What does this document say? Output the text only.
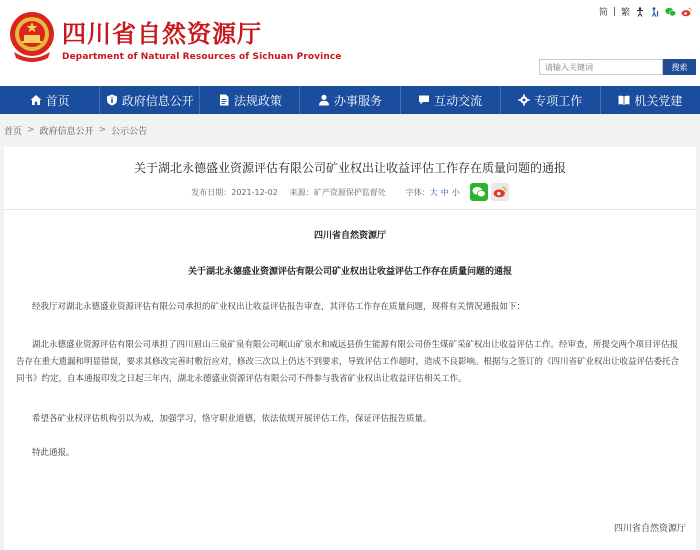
四川省自然资源厅
Department of Natural Resources of Sichuan Province
简 | 繁
请输入关键词
搜索
首页	政府信息公开	法规政策	办事服务	互动交流	专项工作	机关党建
首页 > 政府信息公开 > 公示公告
关于湖北永德盛业资源评估有限公司矿业权出让收益评估工作存在质量问题的通报
发布日期： 2021-12-02 来源： 矿产资源保护监督处	字体： 大 中 小
四川省自然资源厅
关于湖北永德盛业资源评估有限公司矿业权出让收益评估工作存在质量问题的通报

经我厅对湖北永德盛业资源评估有限公司承担的矿业权出让收益评估报告审查，其评估工作存在质量问题，现将有关情况通报如下：

湖北永德盛业资源评估有限公司承担了四川眉山三泉矿泉有限公司岷山矿泉水和威远县侨生能源有限公司侨生煤矿采矿权出让收益评估工作。经审查，所提交两个项目评估报告存在重大遗漏和明显错误，要求其修改完善时敷衍应对，修改三次以上仍达不到要求，导致评估工作超时，造成不良影响。根据与之签订的《四川省矿业权出让收益评估委托合同书》约定，自本通报印发之日起三年内，湖北永德盛业资源评估有限公司不得参与我省矿业权出让收益评估相关工作。

希望各矿业权评估机构引以为戒，加强学习，恪守职业道德，依法依规开展评估工作，保证评估报告质量。

特此通报。

四川省自然资源厅
